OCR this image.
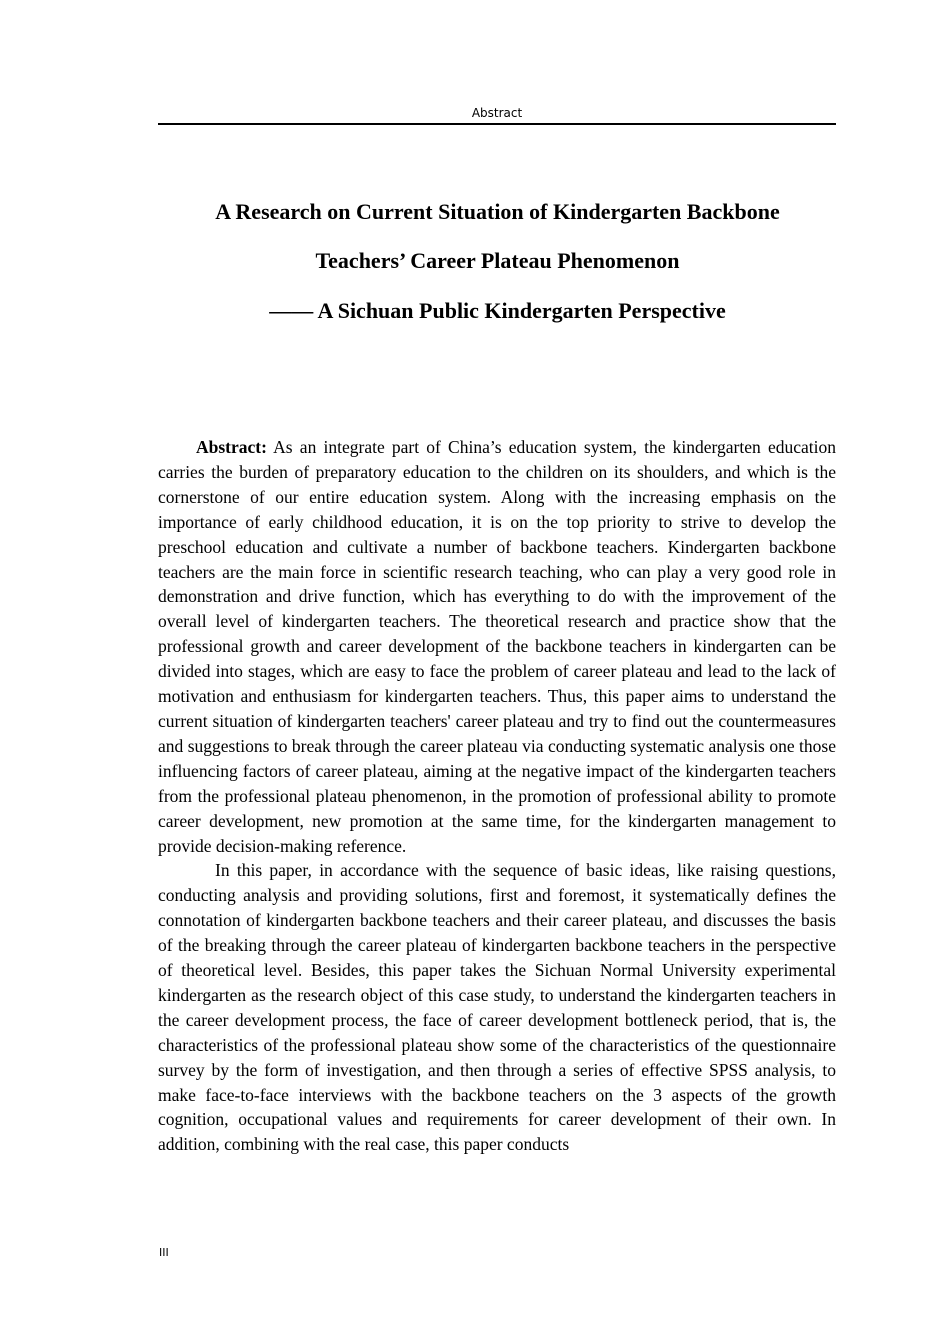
Abstract
A Research on Current Situation of Kindergarten Backbone
Teachers’ Career Plateau Phenomenon
—— A Sichuan Public Kindergarten Perspective

Abstract: As an integrate part of China’s education system, the kindergarten education carries the burden of preparatory education to the children on its shoulders, and which is the cornerstone of our entire education system. Along with the increasing emphasis on the importance of early childhood education, it is on the top priority to strive to develop the preschool education and cultivate a number of backbone teachers. Kindergarten backbone teachers are the main force in scientific research teaching, who can play a very good role in demonstration and drive function, which has everything to do with the improvement of the overall level of kindergarten teachers. The theoretical research and practice show that the professional growth and career development of the backbone teachers in kindergarten can be divided into stages, which are easy to face the problem of career plateau and lead to the lack of motivation and enthusiasm for kindergarten teachers. Thus, this paper aims to understand the current situation of kindergarten teachers' career plateau and try to find out the countermeasures and suggestions to break through the career plateau via conducting systematic analysis one those influencing factors of career plateau, aiming at the negative impact of the kindergarten teachers from the professional plateau phenomenon, in the promotion of professional ability to promote career development, new promotion at the same time, for the kindergarten management to provide decision-making reference.

In this paper, in accordance with the sequence of basic ideas, like raising questions, conducting analysis and providing solutions, first and foremost, it systematically defines the connotation of kindergarten backbone teachers and their career plateau, and discusses the basis of the breaking through the career plateau of kindergarten backbone teachers in the perspective of theoretical level. Besides, this paper takes the Sichuan Normal University experimental kindergarten as the research object of this case study, to understand the kindergarten teachers in the career development process, the face of career development bottleneck period, that is, the characteristics of the professional plateau show some of the characteristics of the questionnaire survey by the form of investigation, and then through a series of effective SPSS analysis, to make face-to-face interviews with the backbone teachers on the 3 aspects of the growth cognition, occupational values and requirements for career development of their own. In addition, combining with the real case, this paper conducts

III
